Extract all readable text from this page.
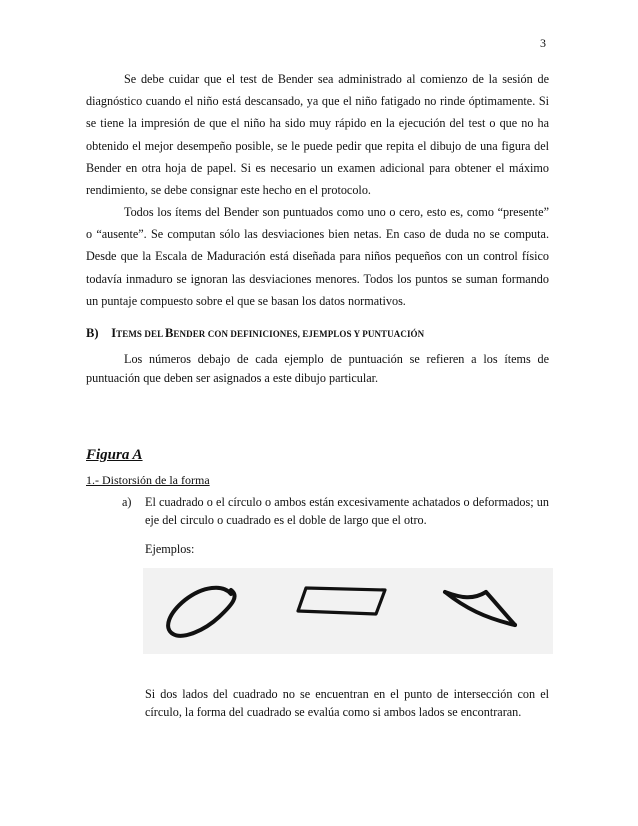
3

Se debe cuidar que el test de Bender sea administrado al comienzo de la sesión de diagnóstico cuando el niño está descansado, ya que el niño fatigado no rinde óptimamente. Si se tiene la impresión de que el niño ha sido muy rápido en la ejecución del test o que no ha obtenido el mejor desempeño posible, se le puede pedir que repita el dibujo de una figura del Bender en otra hoja de papel. Si es necesario un examen adicional para obtener el máximo rendimiento, se debe consignar este hecho en el protocolo.

Todos los ítems del Bender son puntuados como uno o cero, esto es, como “presente” o “ausente”. Se computan sólo las desviaciones bien netas. En caso de duda no se computa. Desde que la Escala de Maduración está diseñada para niños pequeños con un control físico todavía inmaduro se ignoran las desviaciones menores. Todos los puntos se suman formando un puntaje compuesto sobre el que se basan los datos normativos.

B) ITEMS DEL BENDER CON DEFINICIONES, EJEMPLOS Y PUNTUACIÓN

Los números debajo de cada ejemplo de puntuación se refieren a los ítems de puntuación que deben ser asignados a este dibujo particular.

Figura A
1.- Distorsión de la forma
a) El cuadrado o el círculo o ambos están excesivamente achatados o deformados; un eje del circulo o cuadrado es el doble de largo que el otro.
Ejemplos:

Si dos lados del cuadrado no se encuentran en el punto de intersección con el círculo, la forma del cuadrado se evalúa como si ambos lados se encontraran.
